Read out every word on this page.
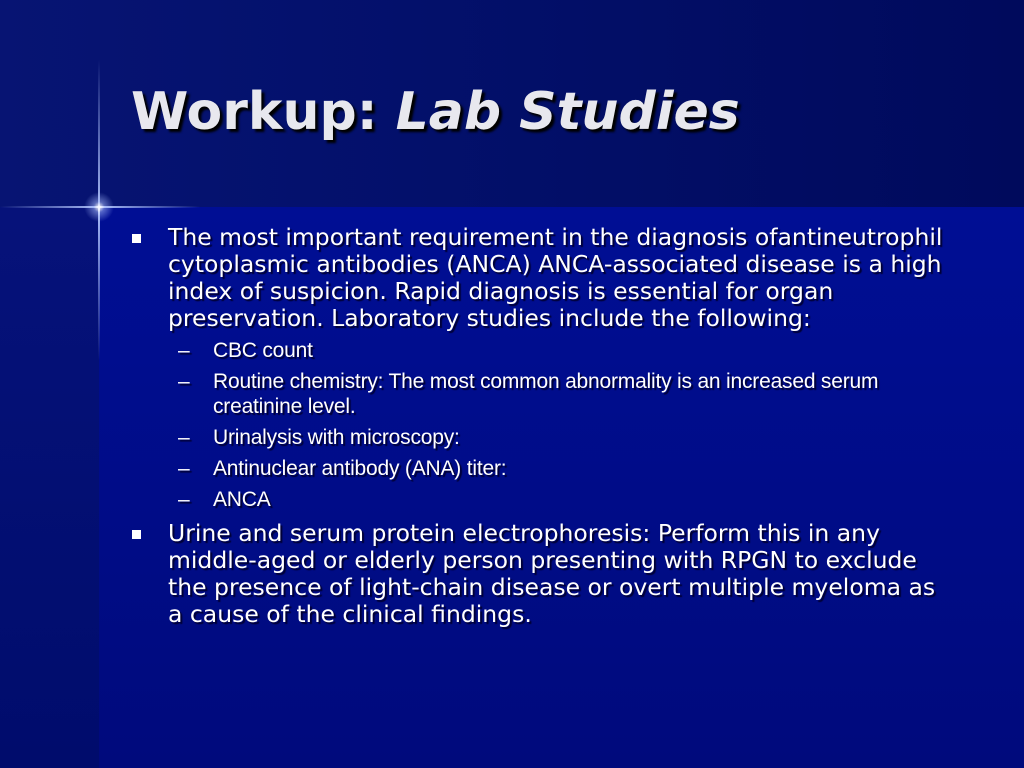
Workup: Lab Studies
The most important requirement in the diagnosis ofantineutrophil cytoplasmic antibodies (ANCA) ANCA-associated disease is a high index of suspicion. Rapid diagnosis is essential for organ preservation. Laboratory studies include the following:
– CBC count
– Routine chemistry: The most common abnormality is an increased serum creatinine level.
– Urinalysis with microscopy:
– Antinuclear antibody (ANA) titer:
– ANCA
Urine and serum protein electrophoresis: Perform this in any middle-aged or elderly person presenting with RPGN to exclude the presence of light-chain disease or overt multiple myeloma as a cause of the clinical findings.
